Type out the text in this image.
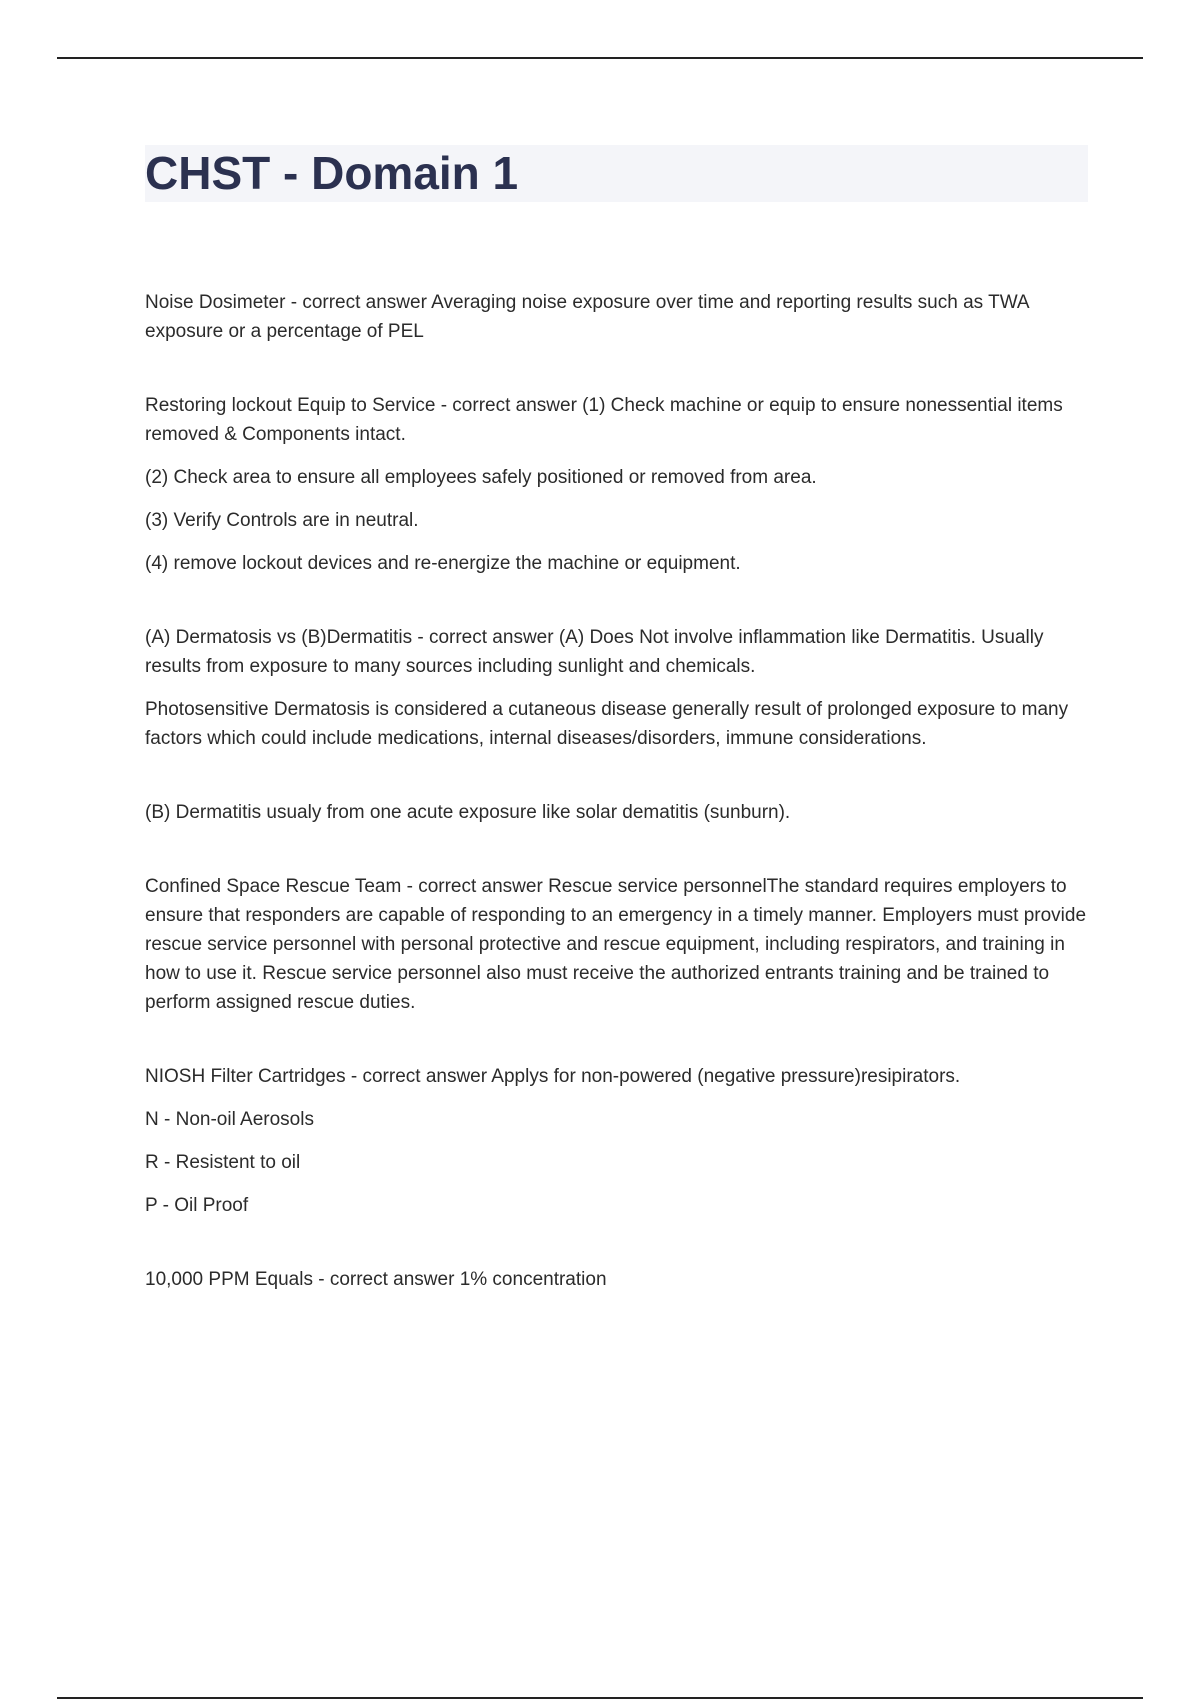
CHST - Domain 1

Noise Dosimeter - correct answer Averaging noise exposure over time and reporting results such as TWA exposure or a percentage of PEL

Restoring lockout Equip to Service - correct answer (1) Check machine or equip to ensure nonessential items removed & Components intact.

(2) Check area to ensure all employees safely positioned or removed from area.

(3) Verify Controls are in neutral.

(4) remove lockout devices and re-energize the machine or equipment.

(A) Dermatosis vs (B)Dermatitis - correct answer (A) Does Not involve inflammation like Dermatitis. Usually results from exposure to many sources including sunlight and chemicals.

Photosensitive Dermatosis is considered a cutaneous disease generally result of prolonged exposure to many factors which could include medications, internal diseases/disorders, immune considerations.

(B) Dermatitis usualy from one acute exposure like solar dematitis (sunburn).

Confined Space Rescue Team - correct answer Rescue service personnelThe standard requires employers to ensure that responders are capable of responding to an emergency in a timely manner. Employers must provide rescue service personnel with personal protective and rescue equipment, including respirators, and training in how to use it. Rescue service personnel also must receive the authorized entrants training and be trained to perform assigned rescue duties.

NIOSH Filter Cartridges - correct answer Applys for non-powered (negative pressure)resipirators.

N - Non-oil Aerosols

R - Resistent to oil

P - Oil Proof

10,000 PPM Equals - correct answer 1% concentration
